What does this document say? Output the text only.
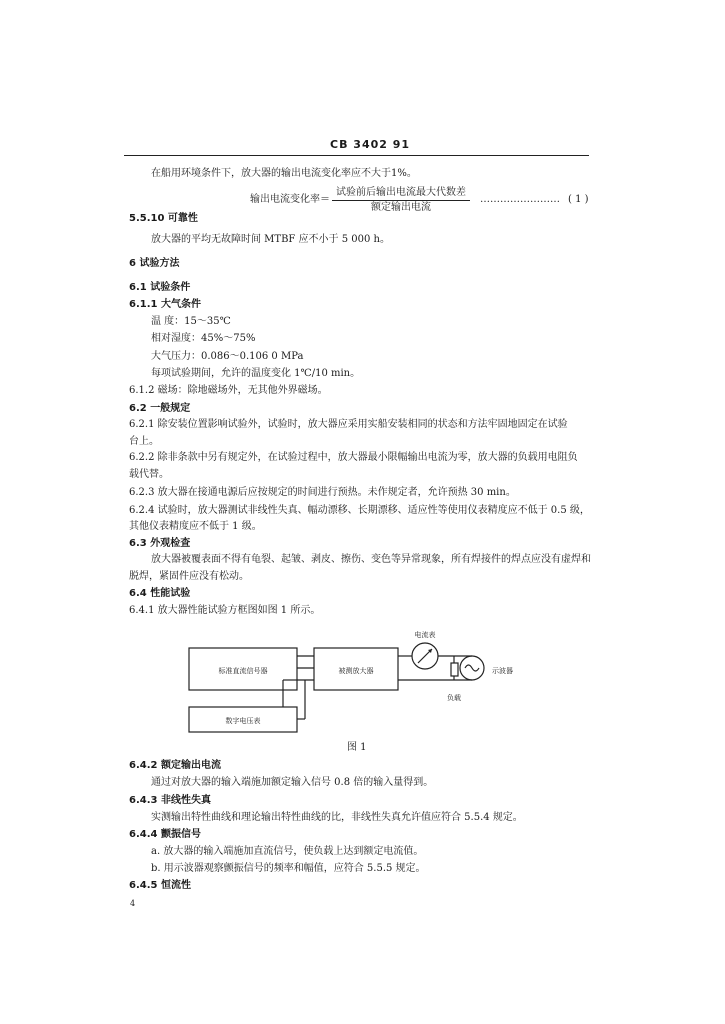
CB 3402 91
在船用环境条件下，放大器的输出电流变化率应不大于1%。
输出电流变化率＝
试验前后输出电流最大代数差
额定输出电流
…………………… ( 1 )
5.5.10 可靠性
放大器的平均无故障时间 MTBF 应不小于 5 000 h。
6 试验方法
6.1 试验条件
6.1.1 大气条件
温 度：15～35℃
相对湿度：45%～75%
大气压力：0.086～0.106 0 MPa
每项试验期间，允许的温度变化 1℃/10 min。
6.1.2 磁场：除地磁场外，无其他外界磁场。
6.2 一般规定
6.2.1 除安装位置影响试验外，试验时，放大器应采用实船安装相同的状态和方法牢固地固定在试验
台上。
6.2.2 除非条款中另有规定外，在试验过程中，放大器最小限幅输出电流为零，放大器的负载用电阻负
载代替。
6.2.3 放大器在接通电源后应按规定的时间进行预热。未作规定者，允许预热 30 min。
6.2.4 试验时，放大器测试非线性失真、幅动漂移、长期漂移、适应性等使用仪表精度应不低于 0.5 级，
其他仪表精度应不低于 1 级。
6.3 外观检查
放大器被覆表面不得有龟裂、起皱、剥皮、擦伤、变色等异常现象，所有焊接件的焊点应没有虚焊和
脱焊，紧固件应没有松动。
6.4 性能试验
6.4.1 放大器性能试验方框图如图 1 所示。
标准直流信号器
数字电压表
被测放大器
电流表
负载
示波器
图 1
6.4.2 额定输出电流
通过对放大器的输入端施加额定输入信号 0.8 倍的输入量得到。
6.4.3 非线性失真
实测输出特性曲线和理论输出特性曲线的比，非线性失真允许值应符合 5.5.4 规定。
6.4.4 颤振信号
a. 放大器的输入端施加直流信号，使负载上达到额定电流值。
b. 用示波器观察颤振信号的频率和幅值，应符合 5.5.5 规定。
6.4.5 恒流性
4
